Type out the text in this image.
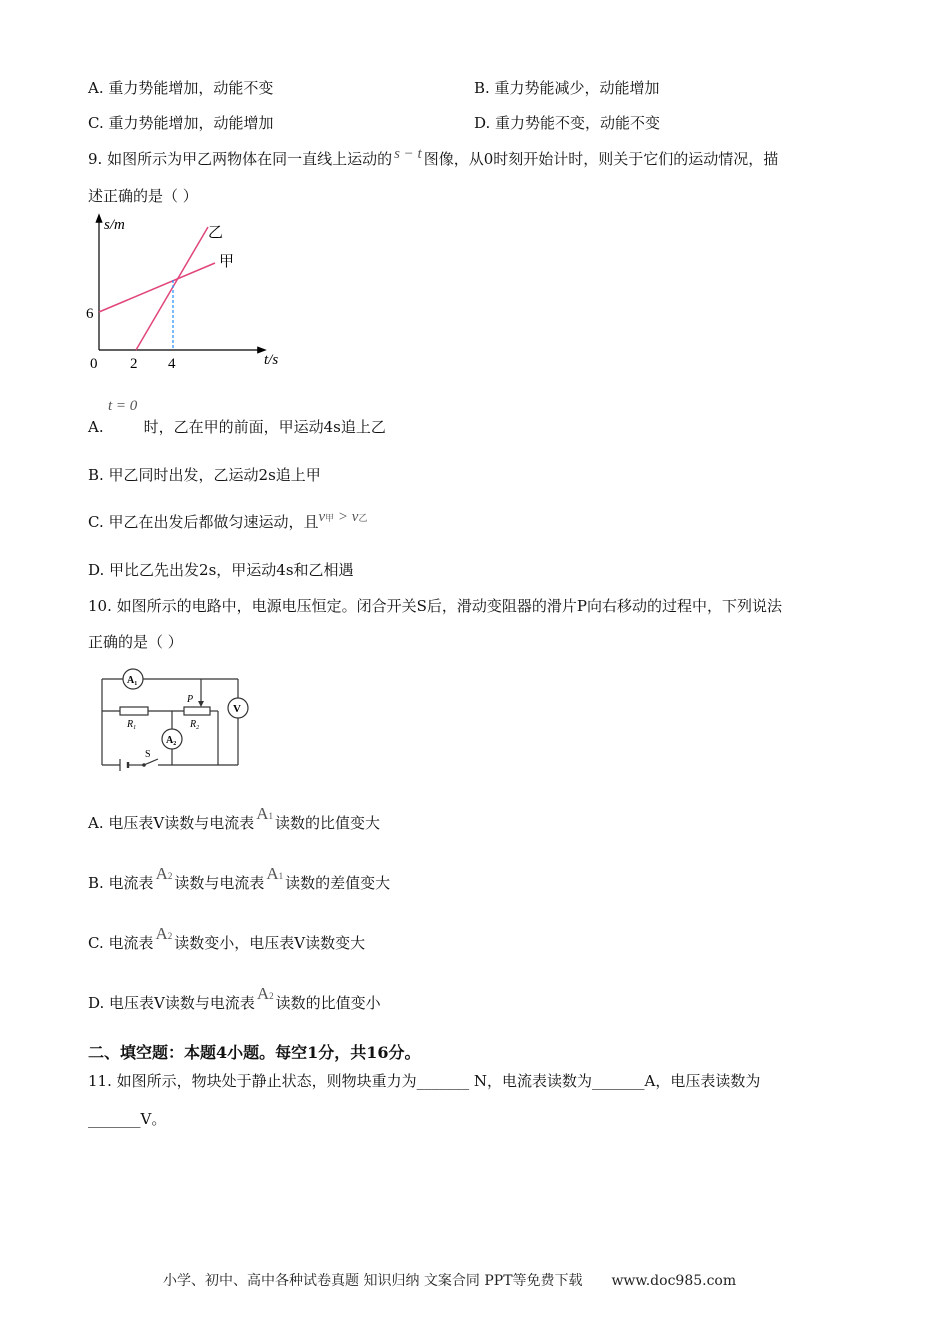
A. 重力势能增加，动能不变	B. 重力势能减少，动能增加
C. 重力势能增加，动能增加	D. 重力势能不变，动能不变
9. 如图所示为甲乙两物体在同一直线上运动的 s − t 图像，从0时刻开始计时，则关于它们的运动情况，描
述正确的是（ ）
s/m
t/s
0
6
2 4
乙
甲
t = 0
A.	时，乙在甲的前面，甲运动4s追上乙
B. 甲乙同时出发，乙运动2s追上甲
C. 甲乙在出发后都做匀速运动，且v甲 > v乙
D. 甲比乙先出发2s，甲运动4s和乙相遇
10. 如图所示的电路中，电源电压恒定。闭合开关S后，滑动变阻器的滑片P向右移动的过程中，下列说法
正确的是（ ）
S
$R_1$
P
$R_2$
$A_1$
$A_2$
V
A. 电压表V读数与电流表 A1 读数的比值变大
B. 电流表 A2 读数与电流表 A1 读数的差值变大
C. 电流表 A2 读数变小，电压表V读数变大
D. 电压表V读数与电流表 A2 读数的比值变小
二、填空题：本题4小题。每空1分，共16分。
11. 如图所示，物块处于静止状态，则物块重力为_______ N，电流表读数为_______A，电压表读数为
_______V。
小学、初中、高中各种试卷真题 知识归纳 文案合同 PPT等免费下载 www.doc985.com
